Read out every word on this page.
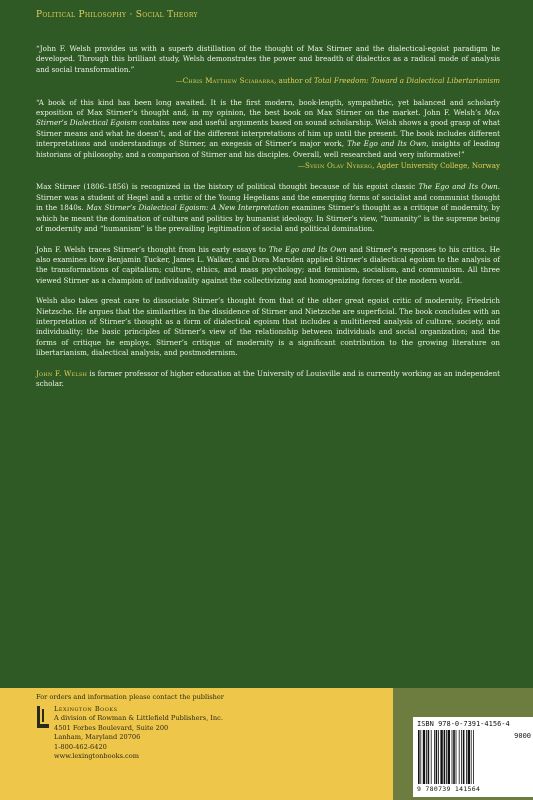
Political Philosophy · Social Theory
“John F. Welsh provides us with a superb distillation of the thought of Max Stirner and the dialectical-egoist paradigm he developed. Through this brilliant study, Welsh demonstrates the power and breadth of dialectics as a radical mode of analysis and social transformation.”
—Chris Matthew Sciabarra, author of Total Freedom: Toward a Dialectical Libertarianism
“A book of this kind has been long awaited. It is the first modern, book-length, sympathetic, yet balanced and scholarly exposition of Max Stirner’s thought and, in my opinion, the best book on Max Stirner on the market. John F. Welsh’s Max Stirner’s Dialectical Egoism contains new and useful arguments based on sound scholarship. Welsh shows a good grasp of what Stirner means and what he doesn’t, and of the different interpretations of him up until the present. The book includes different interpretations and understandings of Stirner, an exegesis of Stirner’s major work, The Ego and Its Own, insights of leading historians of philosophy, and a comparison of Stirner and his disciples. Overall, well researched and very informative!”
—Svein Olav Nyberg, Agder University College, Norway

Max Stirner (1806–1856) is recognized in the history of political thought because of his egoist classic The Ego and Its Own. Stirner was a student of Hegel and a critic of the Young Hegelians and the emerging forms of socialist and communist thought in the 1840s. Max Stirner’s Dialectical Egoism: A New Interpretation examines Stirner’s thought as a critique of modernity, by which he meant the domination of culture and politics by humanist ideology. In Stirner’s view, “humanity” is the supreme being of modernity and “humanism” is the prevailing legitimation of social and political domination.

John F. Welsh traces Stirner’s thought from his early essays to The Ego and Its Own and Stirner’s responses to his critics. He also examines how Benjamin Tucker, James L. Walker, and Dora Marsden applied Stirner’s dialectical egoism to the analysis of the transformations of capitalism; culture, ethics, and mass psychology; and feminism, socialism, and communism. All three viewed Stirner as a champion of individuality against the collectivizing and homogenizing forces of the modern world.

Welsh also takes great care to dissociate Stirner’s thought from that of the other great egoist critic of modernity, Friedrich Nietzsche. He argues that the similarities in the dissidence of Stirner and Nietzsche are superficial. The book concludes with an interpretation of Stirner’s thought as a form of dialectical egoism that includes a multitiered analysis of culture, society, and individuality; the basic principles of Stirner’s view of the relationship between individuals and social organization; and the forms of critique he employs. Stirner’s critique of modernity is a significant contribution to the growing literature on libertarianism, dialectical analysis, and postmodernism.

John F. Welsh is former professor of higher education at the University of Louisville and is currently working as an independent scholar.

For orders and information please contact the publisher
Lexington Books
A division of Rowman & Littlefield Publishers, Inc.
4501 Forbes Boulevard, Suite 200
Lanham, Maryland 20706
1-800-462-6420
www.lexingtonbooks.com
ISBN 978-0-7391-4156-4
9000
9 780739 141564
